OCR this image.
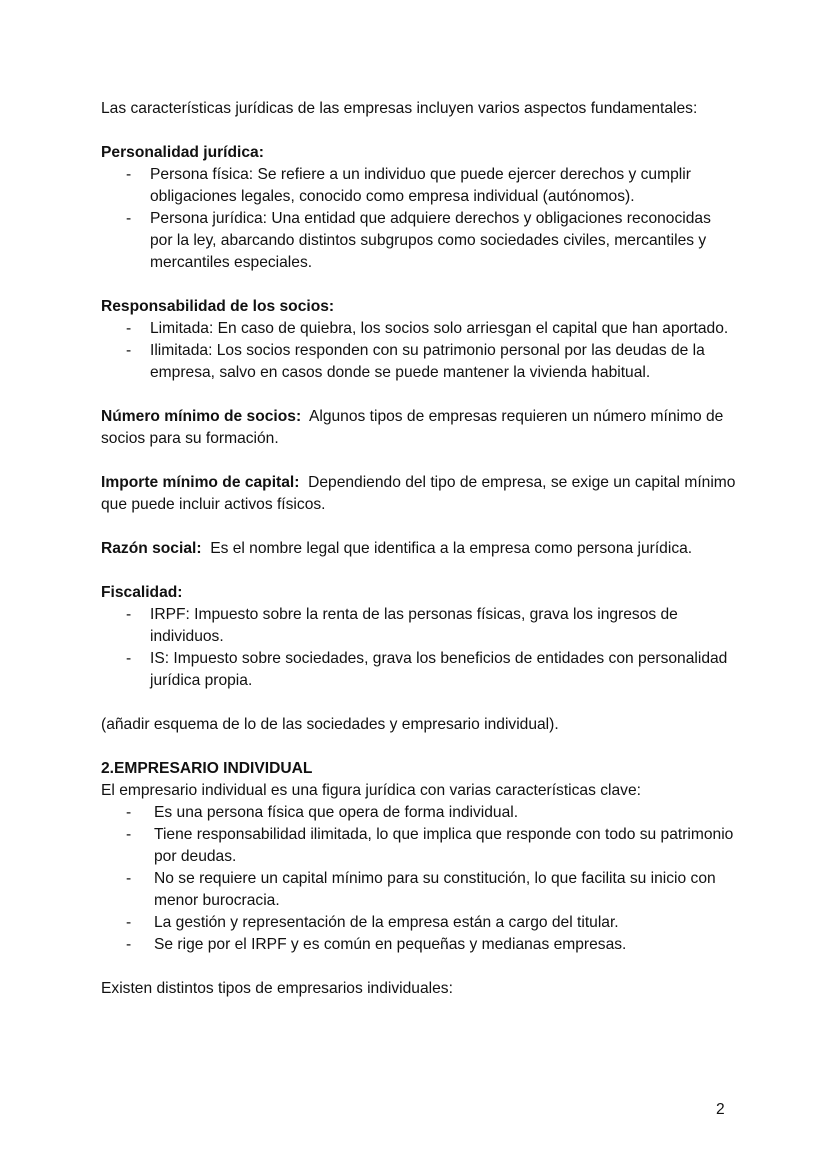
Las características jurídicas de las empresas incluyen varios aspectos fundamentales:

Personalidad jurídica:

- Persona física: Se refiere a un individuo que puede ejercer derechos y cumplir obligaciones legales, conocido como empresa individual (autónomos).
- Persona jurídica: Una entidad que adquiere derechos y obligaciones reconocidas por la ley, abarcando distintos subgrupos como sociedades civiles, mercantiles y mercantiles especiales.

Responsabilidad de los socios:

- Limitada: En caso de quiebra, los socios solo arriesgan el capital que han aportado.
- Ilimitada: Los socios responden con su patrimonio personal por las deudas de la empresa, salvo en casos donde se puede mantener la vivienda habitual.

Número mínimo de socios: Algunos tipos de empresas requieren un número mínimo de socios para su formación.

Importe mínimo de capital: Dependiendo del tipo de empresa, se exige un capital mínimo que puede incluir activos físicos.

Razón social: Es el nombre legal que identifica a la empresa como persona jurídica.

Fiscalidad:

- IRPF: Impuesto sobre la renta de las personas físicas, grava los ingresos de individuos.
- IS: Impuesto sobre sociedades, grava los beneficios de entidades con personalidad jurídica propia.

(añadir esquema de lo de las sociedades y empresario individual).

2.EMPRESARIO INDIVIDUAL

El empresario individual es una figura jurídica con varias características clave:

- Es una persona física que opera de forma individual.
- Tiene responsabilidad ilimitada, lo que implica que responde con todo su patrimonio por deudas.
- No se requiere un capital mínimo para su constitución, lo que facilita su inicio con menor burocracia.
- La gestión y representación de la empresa están a cargo del titular.
- Se rige por el IRPF y es común en pequeñas y medianas empresas.

Existen distintos tipos de empresarios individuales:

2
